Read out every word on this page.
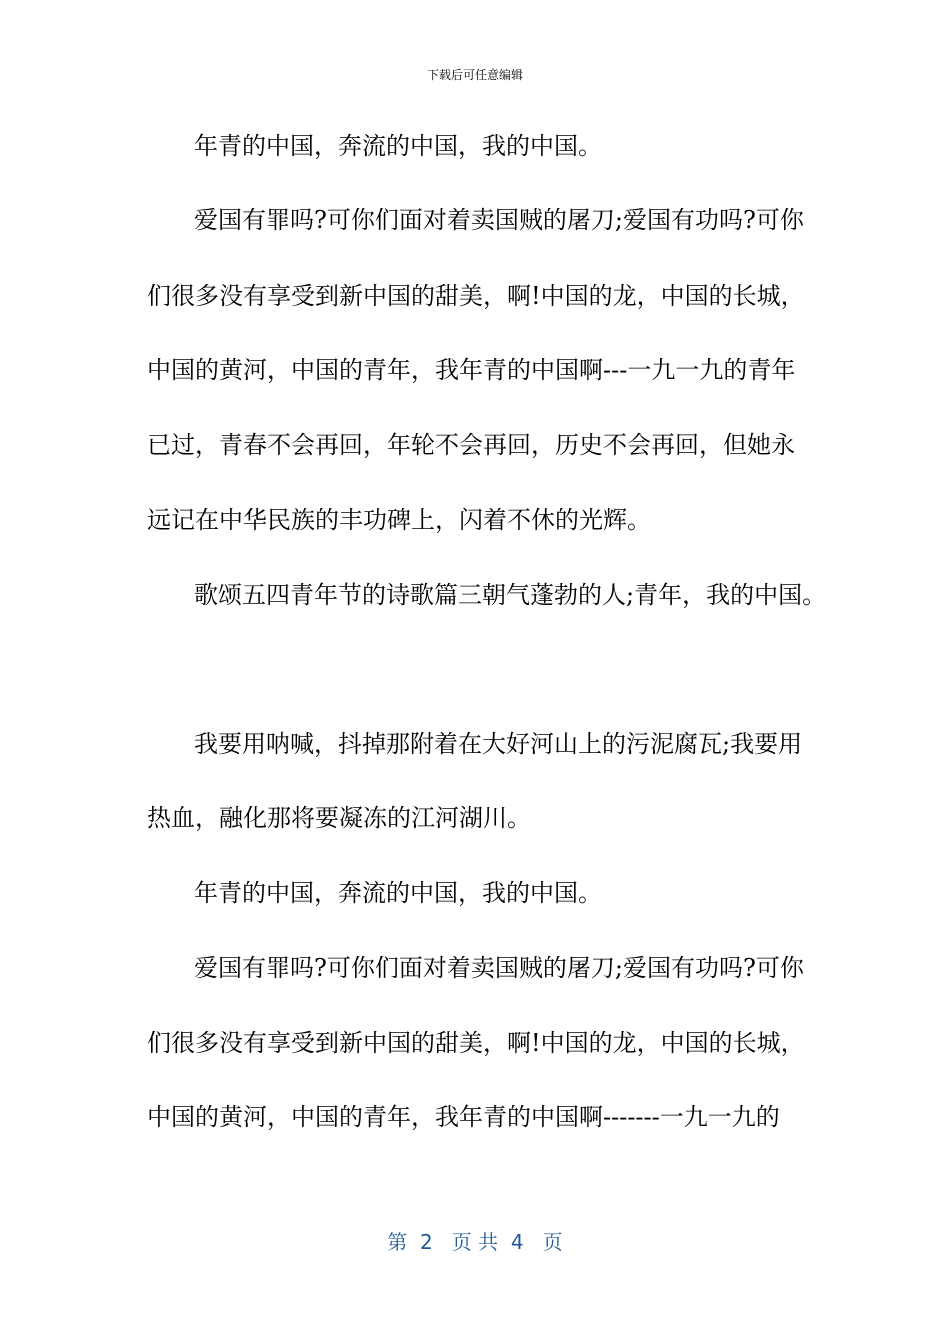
下载后可任意编辑
年青的中国，奔流的中国，我的中国。
爱国有罪吗?可你们面对着卖国贼的屠刀;爱国有功吗?可你
们很多没有享受到新中国的甜美，啊!中国的龙，中国的长城，
中国的黄河，中国的青年，我年青的中国啊---一九一九的青年
已过，青春不会再回，年轮不会再回，历史不会再回，但她永
远记在中华民族的丰功碑上，闪着不休的光辉。
歌颂五四青年节的诗歌篇三朝气蓬勃的人;青年，我的中国。
我要用呐喊，抖掉那附着在大好河山上的污泥腐瓦;我要用
热血，融化那将要凝冻的江河湖川。
年青的中国，奔流的中国，我的中国。
爱国有罪吗?可你们面对着卖国贼的屠刀;爱国有功吗?可你
们很多没有享受到新中国的甜美，啊!中国的龙，中国的长城，
中国的黄河，中国的青年，我年青的中国啊-------一九一九的
第  2   页 共  4   页
